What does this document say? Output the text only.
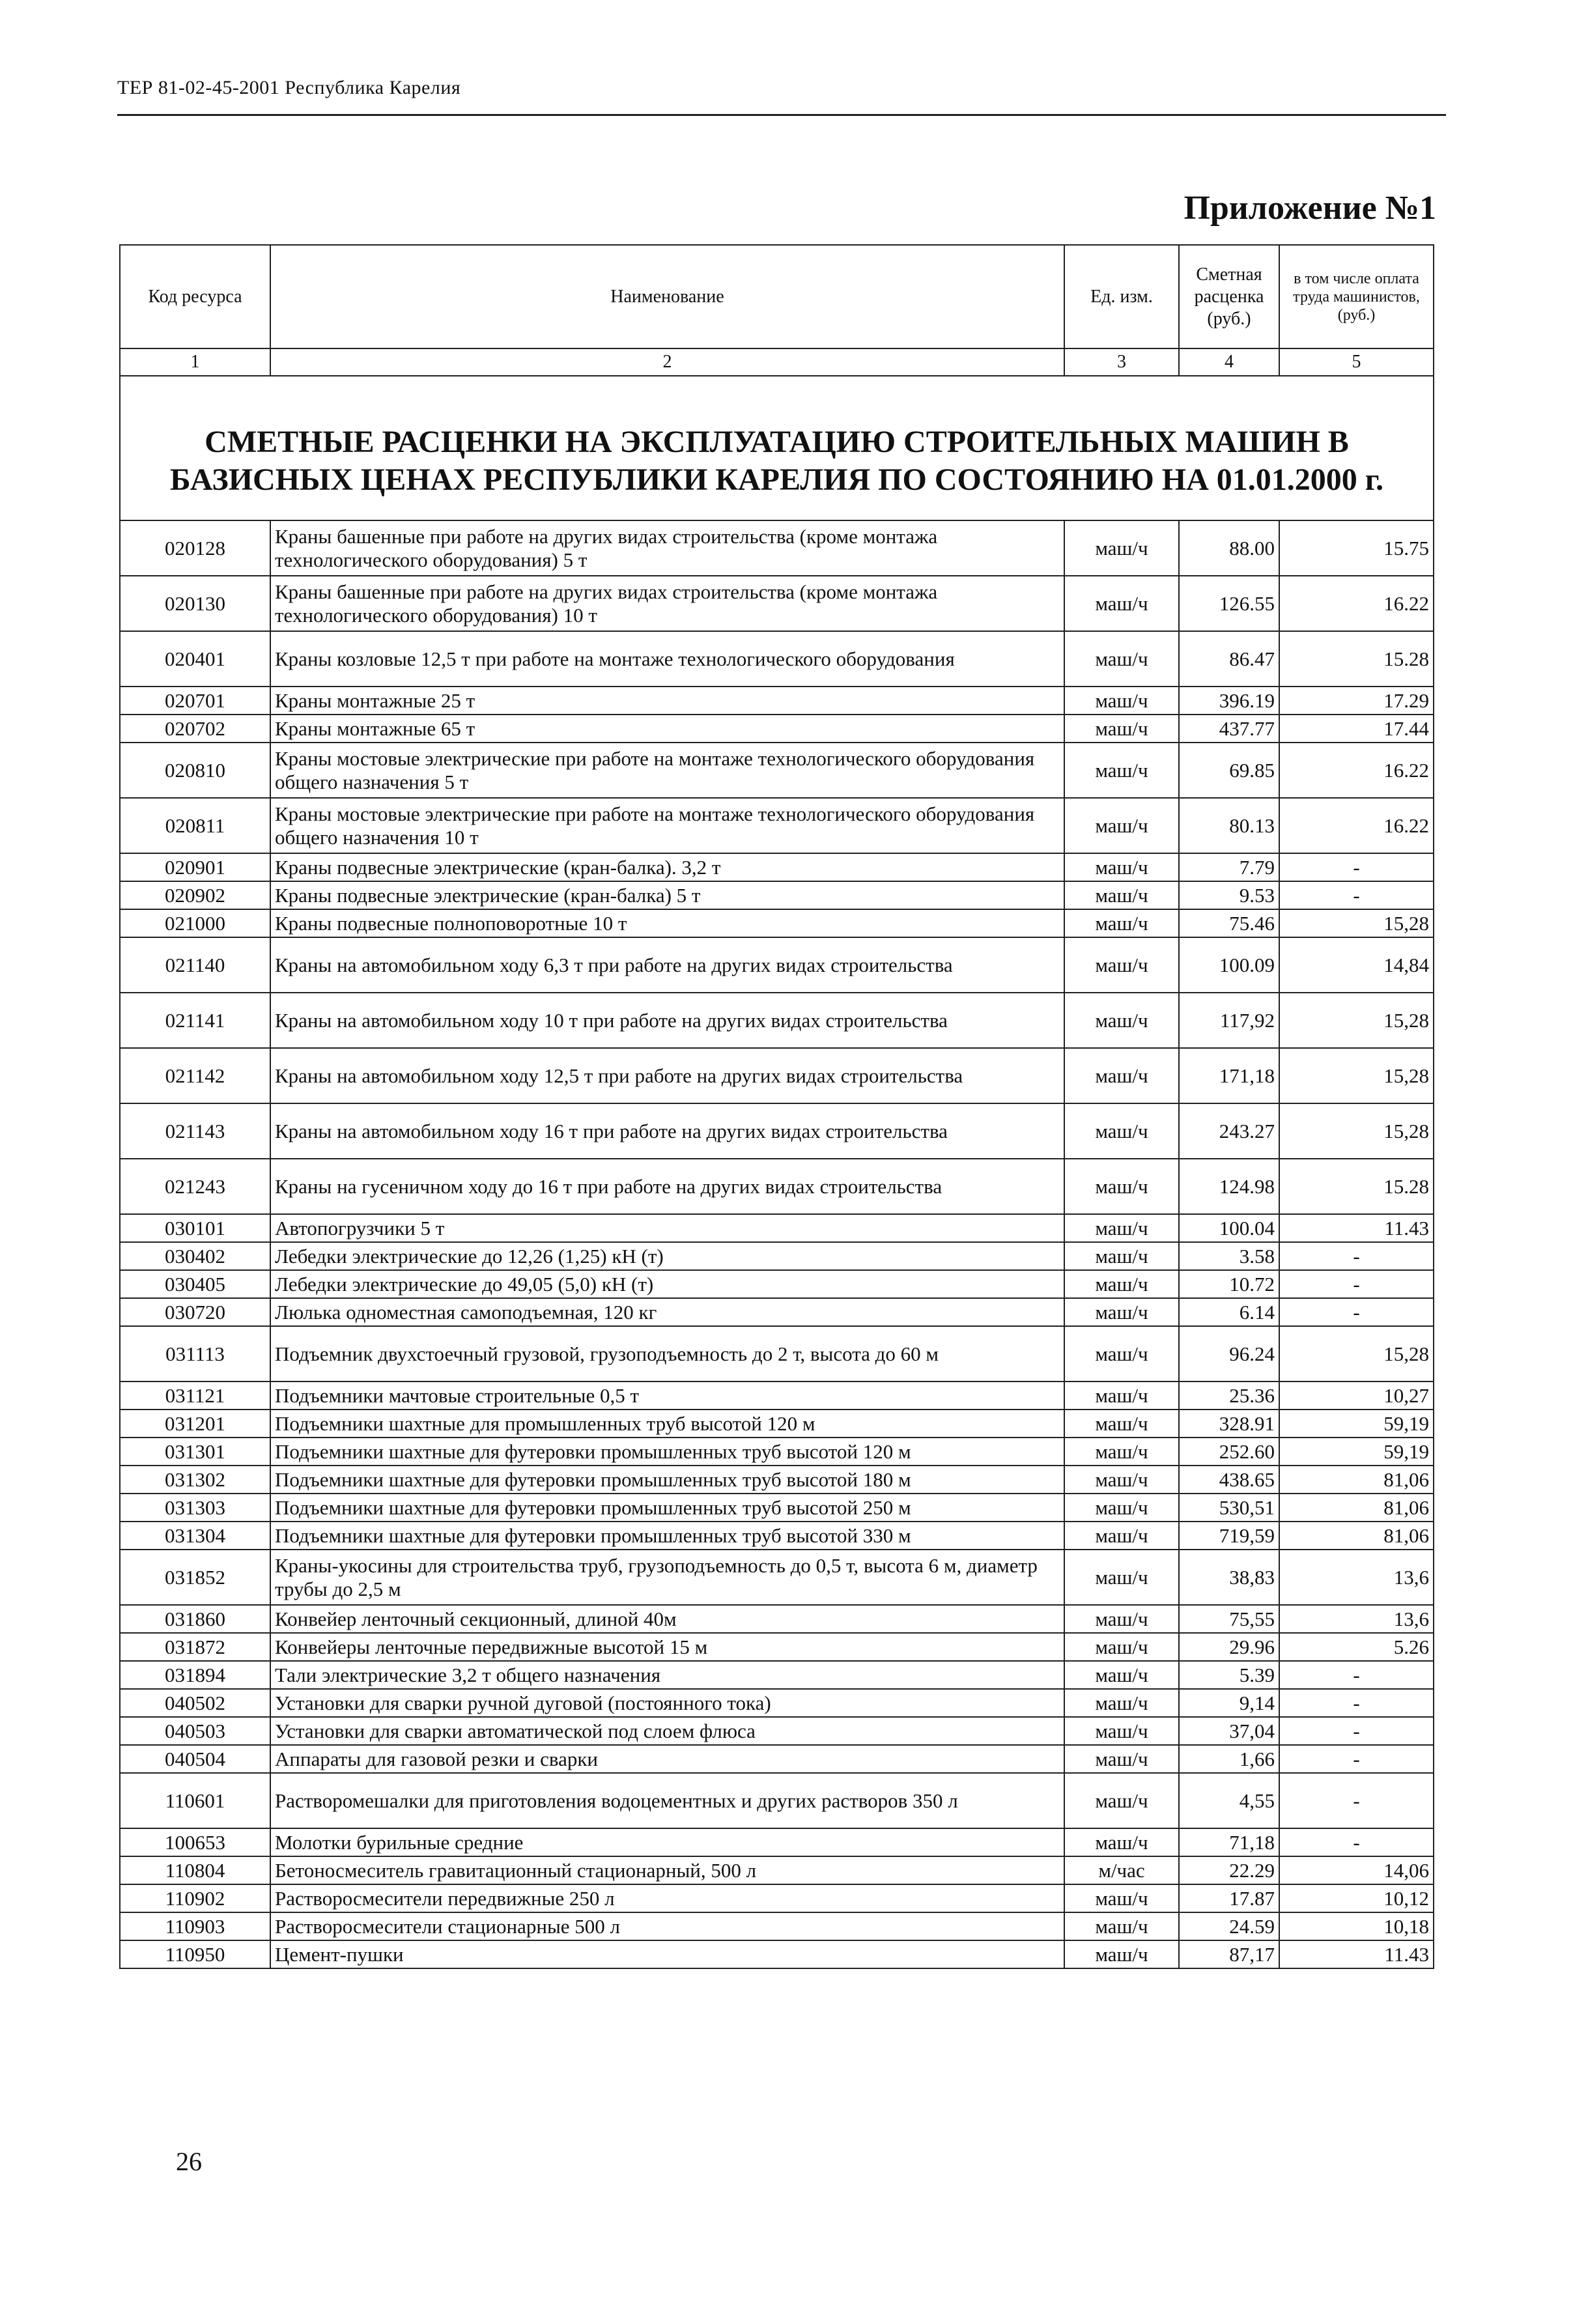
ТЕР 81-02-45-2001 Республика Карелия
Приложение №1
Код ресурса	Наименование	Ед. изм.	Сметная расценка (руб.)	в том числе оплата труда машинистов, (руб.)
1	2	3	4	5
СМЕТНЫЕ РАСЦЕНКИ НА ЭКСПЛУАТАЦИЮ СТРОИТЕЛЬНЫХ МАШИН В БАЗИСНЫХ ЦЕНАХ РЕСПУБЛИКИ КАРЕЛИЯ ПО СОСТОЯНИЮ НА 01.01.2000 г.				
020128	Краны башенные при работе на других видах строительства (кроме монтажа технологического оборудования) 5 т	маш/ч	88.00	15.75
020130	Краны башенные при работе на других видах строительства (кроме монтажа технологического оборудования) 10 т	маш/ч	126.55	16.22
020401	Краны козловые 12,5 т при работе на монтаже технологического оборудования	маш/ч	86.47	15.28
020701	Краны монтажные 25 т	маш/ч	396.19	17.29
020702	Краны монтажные 65 т	маш/ч	437.77	17.44
020810	Краны мостовые электрические при работе на монтаже технологического оборудования общего назначения 5 т	маш/ч	69.85	16.22
020811	Краны мостовые электрические при работе на монтаже технологического оборудования общего назначения 10 т	маш/ч	80.13	16.22
020901	Краны подвесные электрические (кран-балка). 3,2 т	маш/ч	7.79	-
020902	Краны подвесные электрические (кран-балка) 5 т	маш/ч	9.53	-
021000	Краны подвесные полноповоротные 10 т	маш/ч	75.46	15,28
021140	Краны на автомобильном ходу 6,3 т при работе на других видах строительства	маш/ч	100.09	14,84
021141	Краны на автомобильном ходу 10 т при работе на других видах строительства	маш/ч	117,92	15,28
021142	Краны на автомобильном ходу 12,5 т при работе на других видах строительства	маш/ч	171,18	15,28
021143	Краны на автомобильном ходу 16 т при работе на других видах строительства	маш/ч	243.27	15,28
021243	Краны на гусеничном ходу до 16 т при работе на других видах строительства	маш/ч	124.98	15.28
030101	Автопогрузчики 5 т	маш/ч	100.04	11.43
030402	Лебедки электрические до 12,26 (1,25) кН (т)	маш/ч	3.58	-
030405	Лебедки электрические до 49,05 (5,0) кН (т)	маш/ч	10.72	-
030720	Люлька одноместная самоподъемная, 120 кг	маш/ч	6.14	-
031113	Подъемник двухстоечный грузовой, грузоподъемность до 2 т, высота до 60 м	маш/ч	96.24	15,28
031121	Подъемники мачтовые строительные 0,5 т	маш/ч	25.36	10,27
031201	Подъемники шахтные для промышленных труб высотой 120 м	маш/ч	328.91	59,19
031301	Подъемники шахтные для футеровки промышленных труб высотой 120 м	маш/ч	252.60	59,19
031302	Подъемники шахтные для футеровки промышленных труб высотой 180 м	маш/ч	438.65	81,06
031303	Подъемники шахтные для футеровки промышленных труб высотой 250 м	маш/ч	530,51	81,06
031304	Подъемники шахтные для футеровки промышленных труб высотой 330 м	маш/ч	719,59	81,06
031852	Краны-укосины для строительства труб, грузоподъемность до 0,5 т, высота 6 м, диаметр трубы до 2,5 м	маш/ч	38,83	13,6
031860	Конвейер ленточный секционный, длиной 40м	маш/ч	75,55	13,6
031872	Конвейеры ленточные передвижные высотой 15 м	маш/ч	29.96	5.26
031894	Тали электрические 3,2 т общего назначения	маш/ч	5.39	-
040502	Установки для сварки ручной дуговой (постоянного тока)	маш/ч	9,14	-
040503	Установки для сварки автоматической под слоем флюса	маш/ч	37,04	-
040504	Аппараты для газовой резки и сварки	маш/ч	1,66	-
110601	Растворомешалки для приготовления водоцементных и других растворов 350 л	маш/ч	4,55	-
100653	Молотки бурильные средние	маш/ч	71,18	-
110804	Бетоносмеситель гравитационный стационарный, 500 л	м/час	22.29	14,06
110902	Растворосмесители передвижные 250 л	маш/ч	17.87	10,12
110903	Растворосмесители стационарные 500 л	маш/ч	24.59	10,18
110950	Цемент-пушки	маш/ч	87,17	11.43
26
